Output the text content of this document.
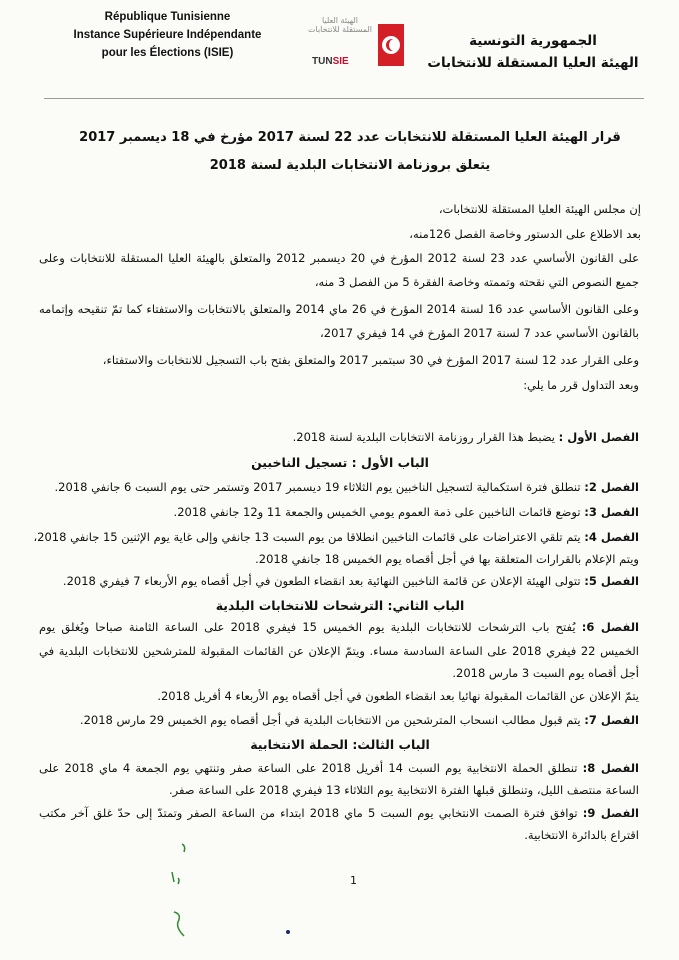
République Tunisienne
Instance Supérieure Indépendante
pour les Élections (ISIE)
الهيئة العليا المستقلة للانتخابات
TUNSIE
الجمهورية التونسية
الهيئة العليا المستقلة للانتخابات
قرار الهيئة العليا المستقلة للانتخابات عدد 22 لسنة 2017 مؤرخ في 18 ديسمبر 2017
يتعلق بروزنامة الانتخابات البلدية لسنة 2018
إن مجلس الهيئة العليا المستقلة للانتخابات،
بعد الاطلاع على الدستور وخاصة الفصل 126منه،
على القانون الأساسي عدد 23 لسنة 2012 المؤرخ في 20 ديسمبر 2012 والمتعلق بالهيئة العليا المستقلة للانتخابات وعلى
جميع النصوص التي نقحته وتممته وخاصة الفقرة 5 من الفصل 3 منه،
وعلى القانون الأساسي عدد 16 لسنة 2014 المؤرخ في 26 ماي 2014 والمتعلق بالانتخابات والاستفتاء كما تمّ تنقيحه وإتمامه
بالقانون الأساسي عدد 7 لسنة 2017 المؤرخ في 14 فيفري 2017،
وعلى القرار عدد 12 لسنة 2017 المؤرخ في 30 سبتمبر 2017 والمتعلق بفتح باب التسجيل للانتخابات والاستفتاء،
وبعد التداول قرر ما يلي:
الفصل الأول : يضبط هذا القرار روزنامة الانتخابات البلدية لسنة 2018.
الباب الأول : تسجيل الناخبين
الفصل 2: تنطلق فترة استكمالية لتسجيل الناخبين يوم الثلاثاء 19 ديسمبر 2017 وتستمر حتى يوم السبت 6 جانفي 2018.
الفصل 3: توضع قائمات الناخبين على ذمة العموم يومي الخميس والجمعة 11 و12 جانفي 2018.
الفصل 4: يتم تلقي الاعتراضات على قائمات الناخبين انطلاقا من يوم السبت 13 جانفي وإلى غاية يوم الإثنين 15 جانفي 2018،
ويتم الإعلام بالقرارات المتعلقة بها في أجل أقصاه يوم الخميس 18 جانفي 2018.
الفصل 5: تتولى الهيئة الإعلان عن قائمة الناخبين النهائية بعد انقضاء الطعون في أجل أقصاه يوم الأربعاء 7 فيفري 2018.
الباب الثاني: الترشحات للانتخابات البلدية
الفصل 6: يُفتح باب الترشحات للانتخابات البلدية يوم الخميس 15 فيفري 2018 على الساعة الثامنة صباحا ويُغلق يوم
الخميس 22 فيفري 2018 على الساعة السادسة مساء. ويتمّ الإعلان عن القائمات المقبولة للمترشحين للانتخابات البلدية في
أجل أقصاه يوم السبت 3 مارس 2018.
يتمّ الإعلان عن القائمات المقبولة نهائيا بعد انقضاء الطعون في أجل أقصاه يوم الأربعاء 4 أفريل 2018.
الفصل 7: يتم قبول مطالب انسحاب المترشحين من الانتخابات البلدية في أجل أقصاه يوم الخميس 29 مارس 2018.
الباب الثالث: الحملة الانتخابية
الفصل 8: تنطلق الحملة الانتخابية يوم السبت 14 أفريل 2018 على الساعة صفر وتنتهي يوم الجمعة 4 ماي 2018 على
الساعة منتصف الليل، وتنطلق قبلها الفترة الانتخابية يوم الثلاثاء 13 فيفري 2018 على الساعة صفر.
الفصل 9: توافق فترة الصمت الانتخابي يوم السبت 5 ماي 2018 ابتداء من الساعة الصفر وتمتدّ إلى حدّ غلق آخر مكتب
اقتراع بالدائرة الانتخابية.
1
